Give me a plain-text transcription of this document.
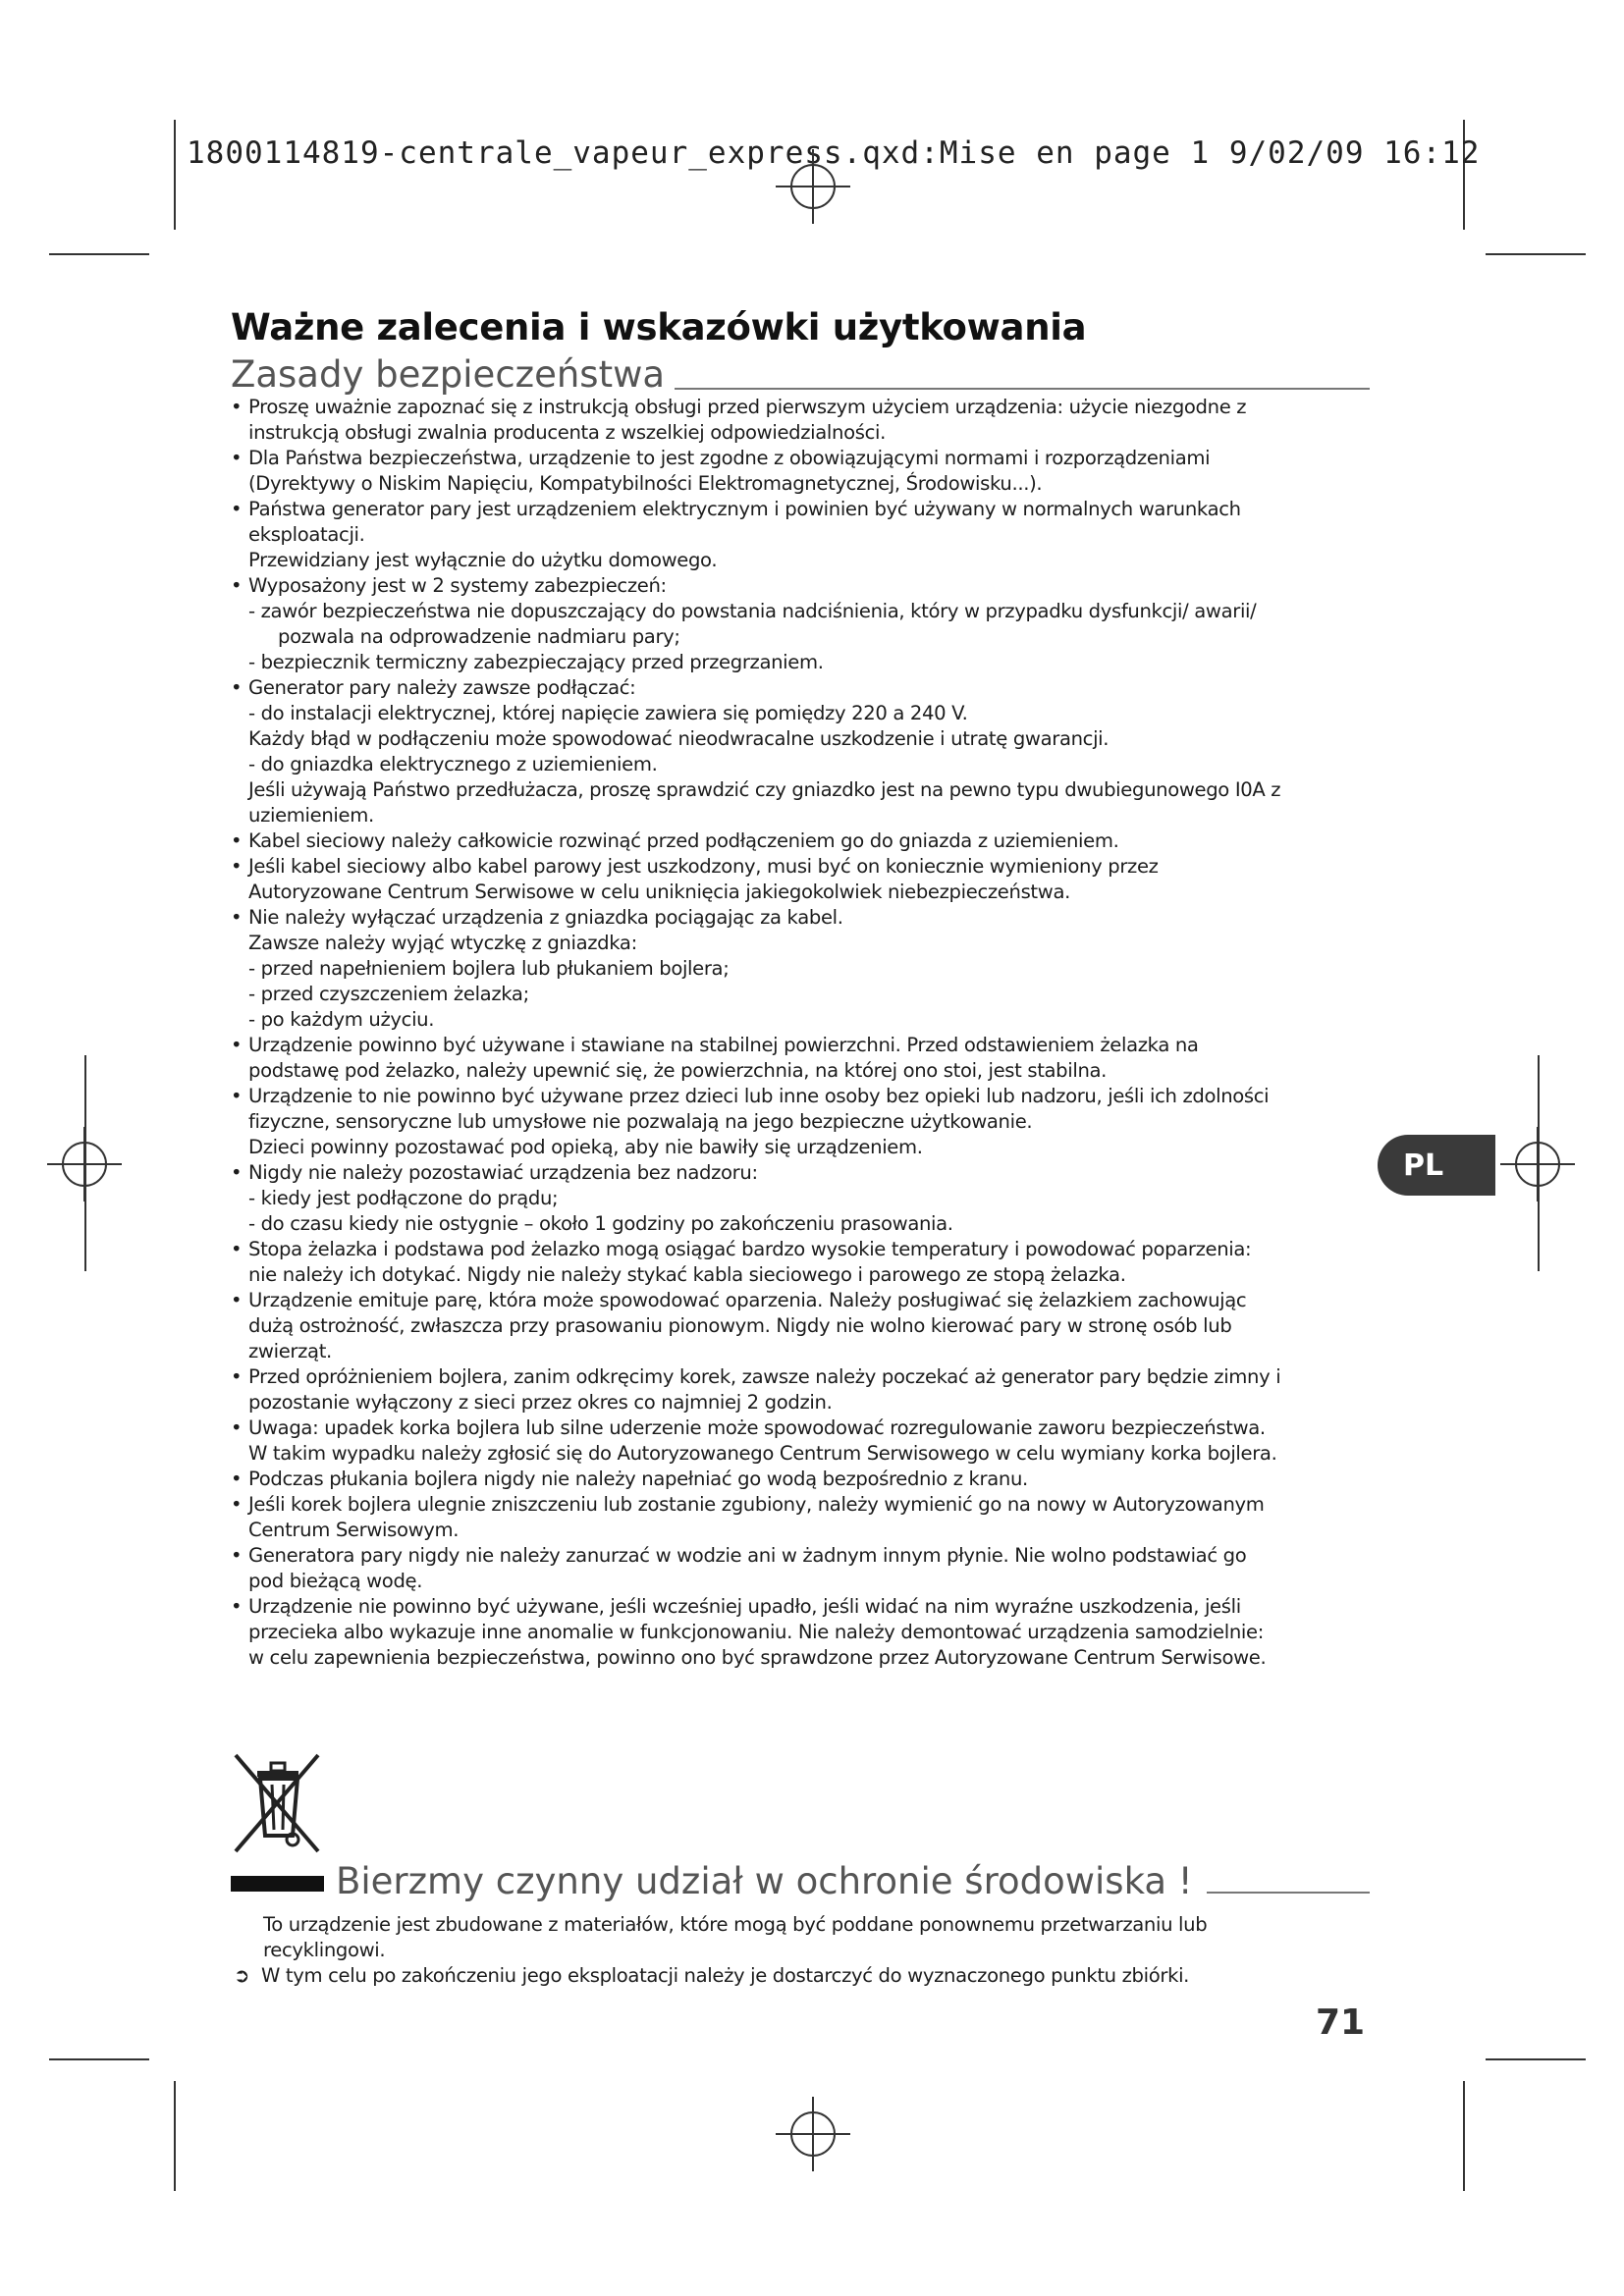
1800114819-centrale_vapeur_express.qxd:Mise en page 1 9/02/09 16:12
PL
Ważne zalecenia i wskazówki użytkowania
Zasady bezpieczeństwa
• Proszę uważnie zapoznać się z instrukcją obsługi przed pierwszym użyciem urządzenia: użycie niezgodne z
instrukcją obsługi zwalnia producenta z wszelkiej odpowiedzialności.
• Dla Państwa bezpieczeństwa, urządzenie to jest zgodne z obowiązującymi normami i rozporządzeniami
(Dyrektywy o Niskim Napięciu, Kompatybilności Elektromagnetycznej, Środowisku...).
• Państwa generator pary jest urządzeniem elektrycznym i powinien być używany w normalnych warunkach
eksploatacji.
Przewidziany jest wyłącznie do użytku domowego.
• Wyposażony jest w 2 systemy zabezpieczeń:
- zawór bezpieczeństwa nie dopuszczający do powstania nadciśnienia, który w przypadku dysfunkcji/ awarii/
pozwala na odprowadzenie nadmiaru pary;
- bezpiecznik termiczny zabezpieczający przed przegrzaniem.
• Generator pary należy zawsze podłączać:
- do instalacji elektrycznej, której napięcie zawiera się pomiędzy 220 a 240 V.
Każdy błąd w podłączeniu może spowodować nieodwracalne uszkodzenie i utratę gwarancji.
- do gniazdka elektrycznego z uziemieniem.
Jeśli używają Państwo przedłużacza, proszę sprawdzić czy gniazdko jest na pewno typu dwubiegunowego I0A z
uziemieniem.
• Kabel sieciowy należy całkowicie rozwinąć przed podłączeniem go do gniazda z uziemieniem.
• Jeśli kabel sieciowy albo kabel parowy jest uszkodzony, musi być on koniecznie wymieniony przez
Autoryzowane Centrum Serwisowe w celu uniknięcia jakiegokolwiek niebezpieczeństwa.
• Nie należy wyłączać urządzenia z gniazdka pociągając za kabel.
Zawsze należy wyjąć wtyczkę z gniazdka:
- przed napełnieniem bojlera lub płukaniem bojlera;
- przed czyszczeniem żelazka;
- po każdym użyciu.
• Urządzenie powinno być używane i stawiane na stabilnej powierzchni. Przed odstawieniem żelazka na
podstawę pod żelazko, należy upewnić się, że powierzchnia, na której ono stoi, jest stabilna.
• Urządzenie to nie powinno być używane przez dzieci lub inne osoby bez opieki lub nadzoru, jeśli ich zdolności
fizyczne, sensoryczne lub umysłowe nie pozwalają na jego bezpieczne użytkowanie.
Dzieci powinny pozostawać pod opieką, aby nie bawiły się urządzeniem.
• Nigdy nie należy pozostawiać urządzenia bez nadzoru:
- kiedy jest podłączone do prądu;
- do czasu kiedy nie ostygnie – około 1 godziny po zakończeniu prasowania.
• Stopa żelazka i podstawa pod żelazko mogą osiągać bardzo wysokie temperatury i powodować poparzenia:
nie należy ich dotykać. Nigdy nie należy stykać kabla sieciowego i parowego ze stopą żelazka.
• Urządzenie emituje parę, która może spowodować oparzenia. Należy posługiwać się żelazkiem zachowując
dużą ostrożność, zwłaszcza przy prasowaniu pionowym. Nigdy nie wolno kierować pary w stronę osób lub
zwierząt.
• Przed opróżnieniem bojlera, zanim odkręcimy korek, zawsze należy poczekać aż generator pary będzie zimny i
pozostanie wyłączony z sieci przez okres co najmniej 2 godzin.
• Uwaga: upadek korka bojlera lub silne uderzenie może spowodować rozregulowanie zaworu bezpieczeństwa.
W takim wypadku należy zgłosić się do Autoryzowanego Centrum Serwisowego w celu wymiany korka bojlera.
• Podczas płukania bojlera nigdy nie należy napełniać go wodą bezpośrednio z kranu.
• Jeśli korek bojlera ulegnie zniszczeniu lub zostanie zgubiony, należy wymienić go na nowy w Autoryzowanym
Centrum Serwisowym.
• Generatora pary nigdy nie należy zanurzać w wodzie ani w żadnym innym płynie. Nie wolno podstawiać go
pod bieżącą wodę.
• Urządzenie nie powinno być używane, jeśli wcześniej upadło, jeśli widać na nim wyraźne uszkodzenia, jeśli
przecieka albo wykazuje inne anomalie w funkcjonowaniu. Nie należy demontować urządzenia samodzielnie:
w celu zapewnienia bezpieczeństwa, powinno ono być sprawdzone przez Autoryzowane Centrum Serwisowe.
Bierzmy czynny udział w ochronie środowiska !
To urządzenie jest zbudowane z materiałów, które mogą być poddane ponownemu przetwarzaniu lub
recyklingowi.
➲ W tym celu po zakończeniu jego eksploatacji należy je dostarczyć do wyznaczonego punktu zbiórki.
71
